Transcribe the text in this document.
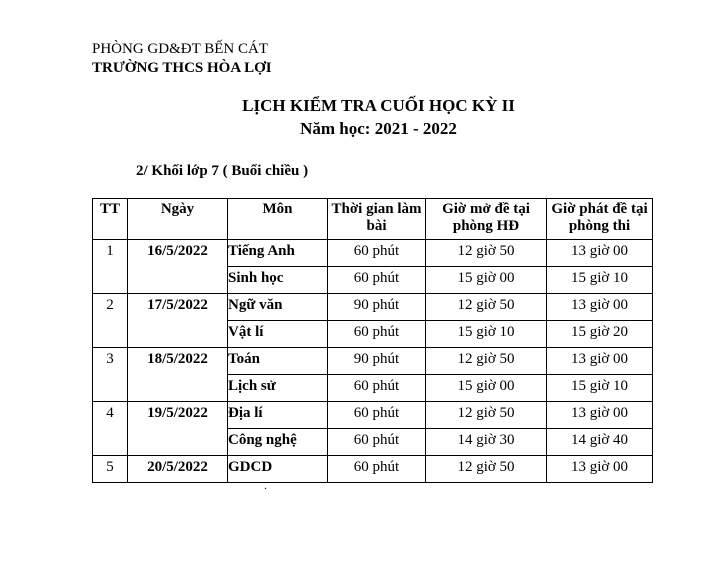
PHÒNG GD&ĐT BẾN CÁT
TRƯỜNG THCS HÒA LỢI
LỊCH KIỂM TRA CUỐI HỌC KỲ II
Năm học: 2021 - 2022
2/ Khối lớp 7 ( Buổi chiều )
TT	Ngày	Môn	Thời gian làm bài	Giờ mở đề tại phòng HĐ	Giờ phát đề tại phòng thi
1	16/5/2022	Tiếng Anh	60 phút	12 giờ 50	13 giờ 00
		Sinh học	60 phút	15 giờ 00	15 giờ 10
2	17/5/2022	Ngữ văn	90 phút	12 giờ 50	13 giờ 00
		Vật lí	60 phút	15 giờ 10	15 giờ 20
3	18/5/2022	Toán	90 phút	12 giờ 50	13 giờ 00
		Lịch sử	60 phút	15 giờ 00	15 giờ 10
4	19/5/2022	Địa lí	60 phút	12 giờ 50	13 giờ 00
		Công nghệ	60 phút	14 giờ 30	14 giờ 40
5	20/5/2022	GDCD	60 phút	12 giờ 50	13 giờ 00
.
